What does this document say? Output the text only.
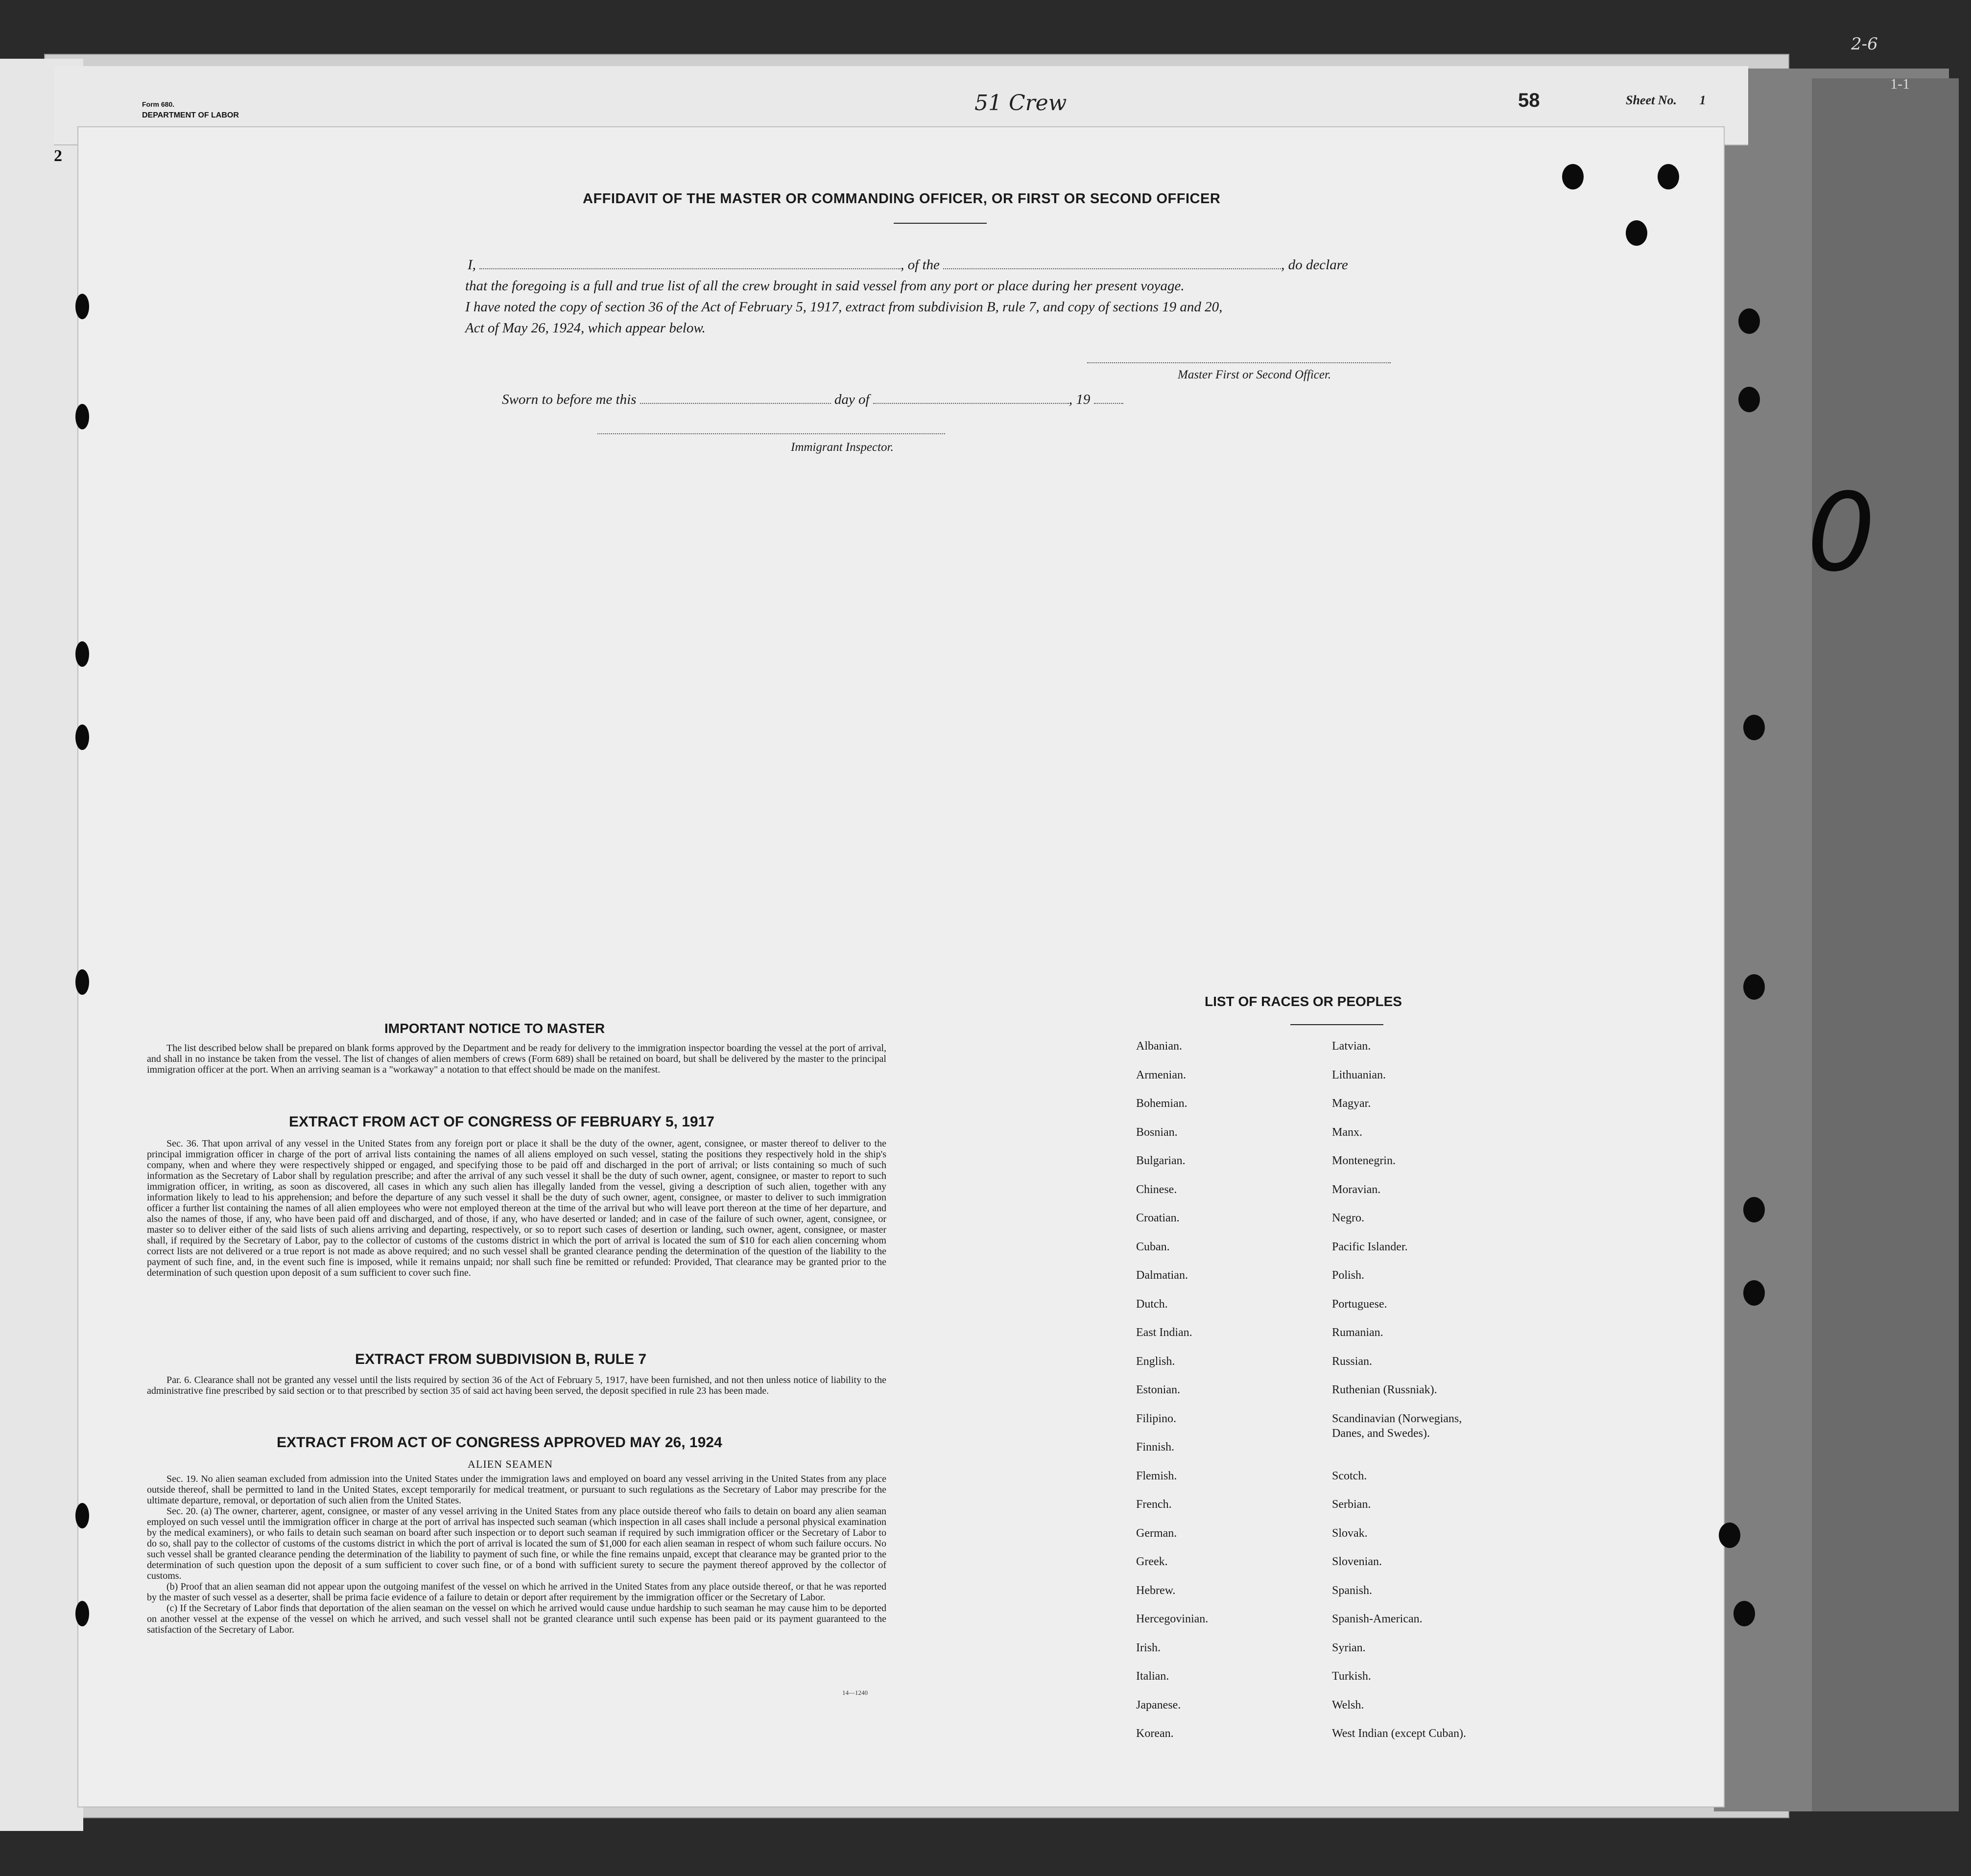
Form 680.
DEPARTMENT OF LABOR	51 Crew	58	Sheet No. 1
2-6
1-1
2
AFFIDAVIT OF THE MASTER OR COMMANDING OFFICER, OR FIRST OR SECOND OFFICER
I,	, of the	, do declare
that the foregoing is a full and true list of all the crew brought in said vessel from any port or place during her present voyage.
I have noted the copy of section 36 of the Act of February 5, 1917, extract from subdivision B, rule 7, and copy of sections 19 and 20,
Act of May 26, 1924, which appear below.
Master First or Second Officer.
Sworn to before me this	day of	, 19
Immigrant Inspector.
IMPORTANT NOTICE TO MASTER
The list described below shall be prepared on blank forms approved by the Department and be ready for delivery to the immigration inspector boarding the vessel at the port of arrival, and shall in no instance be taken from the vessel. The list of changes of alien members of crews (Form 689) shall be retained on board, but shall be delivered by the master to the principal immigration officer at the port. When an arriving seaman is a "workaway" a notation to that effect should be made on the manifest.
EXTRACT FROM ACT OF CONGRESS OF FEBRUARY 5, 1917
Sec. 36. That upon arrival of any vessel in the United States from any foreign port or place it shall be the duty of the owner, agent, consignee, or master thereof to deliver to the principal immigration officer in charge of the port of arrival lists containing the names of all aliens employed on such vessel, stating the positions they respectively hold in the ship's company, when and where they were respectively shipped or engaged, and specifying those to be paid off and discharged in the port of arrival; or lists containing so much of such information as the Secretary of Labor shall by regulation prescribe; and after the arrival of any such vessel it shall be the duty of such owner, agent, consignee, or master to report to such immigration officer, in writing, as soon as discovered, all cases in which any such alien has illegally landed from the vessel, giving a description of such alien, together with any information likely to lead to his apprehension; and before the departure of any such vessel it shall be the duty of such owner, agent, consignee, or master to deliver to such immigration officer a further list containing the names of all alien employees who were not employed thereon at the time of the arrival but who will leave port thereon at the time of her departure, and also the names of those, if any, who have been paid off and discharged, and of those, if any, who have deserted or landed; and in case of the failure of such owner, agent, consignee, or master so to deliver either of the said lists of such aliens arriving and departing, respectively, or so to report such cases of desertion or landing, such owner, agent, consignee, or master shall, if required by the Secretary of Labor, pay to the collector of customs of the customs district in which the port of arrival is located the sum of $10 for each alien concerning whom correct lists are not delivered or a true report is not made as above required; and no such vessel shall be granted clearance pending the determination of the question of the liability to the payment of such fine, and, in the event such fine is imposed, while it remains unpaid; nor shall such fine be remitted or refunded: Provided, That clearance may be granted prior to the determination of such question upon deposit of a sum sufficient to cover such fine.
EXTRACT FROM SUBDIVISION B, RULE 7
Par. 6. Clearance shall not be granted any vessel until the lists required by section 36 of the Act of February 5, 1917, have been furnished, and not then unless notice of liability to the administrative fine prescribed by said section or to that prescribed by section 35 of said act having been served, the deposit specified in rule 23 has been made.
EXTRACT FROM ACT OF CONGRESS APPROVED MAY 26, 1924
ALIEN SEAMEN
Sec. 19. No alien seaman excluded from admission into the United States under the immigration laws and employed on board any vessel arriving in the United States from any place outside thereof, shall be permitted to land in the United States, except temporarily for medical treatment, or pursuant to such regulations as the Secretary of Labor may prescribe for the ultimate departure, removal, or deportation of such alien from the United States.
Sec. 20. (a) The owner, charterer, agent, consignee, or master of any vessel arriving in the United States from any place outside thereof who fails to detain on board any alien seaman employed on such vessel until the immigration officer in charge at the port of arrival has inspected such seaman (which inspection in all cases shall include a personal physical examination by the medical examiners), or who fails to detain such seaman on board after such inspection or to deport such seaman if required by such immigration officer or the Secretary of Labor to do so, shall pay to the collector of customs of the customs district in which the port of arrival is located the sum of $1,000 for each alien seaman in respect of whom such failure occurs. No such vessel shall be granted clearance pending the determination of the liability to payment of such fine, or while the fine remains unpaid, except that clearance may be granted prior to the determination of such question upon the deposit of a sum sufficient to cover such fine, or of a bond with sufficient surety to secure the payment thereof approved by the collector of customs.
(b) Proof that an alien seaman did not appear upon the outgoing manifest of the vessel on which he arrived in the United States from any place outside thereof, or that he was reported by the master of such vessel as a deserter, shall be prima facie evidence of a failure to detain or deport after requirement by the immigration officer or the Secretary of Labor.
(c) If the Secretary of Labor finds that deportation of the alien seaman on the vessel on which he arrived would cause undue hardship to such seaman he may cause him to be deported on another vessel at the expense of the vessel on which he arrived, and such vessel shall not be granted clearance until such expense has been paid or its payment guaranteed to the satisfaction of the Secretary of Labor.
14—1240
LIST OF RACES OR PEOPLES
Albanian.
Armenian.
Bohemian.
Bosnian.
Bulgarian.
Chinese.
Croatian.
Cuban.
Dalmatian.
Dutch.
East Indian.
English.
Estonian.
Filipino.
Finnish.
Flemish.
French.
German.
Greek.
Hebrew.
Hercegovinian.
Irish.
Italian.
Japanese.
Korean.
Latvian.
Lithuanian.
Magyar.
Manx.
Montenegrin.
Moravian.
Negro.
Pacific Islander.
Polish.
Portuguese.
Rumanian.
Russian.
Ruthenian (Russniak).
Scandinavian (Norwegians, Danes, and Swedes).
Scotch.
Serbian.
Slovak.
Slovenian.
Spanish.
Spanish-American.
Syrian.
Turkish.
Welsh.
West Indian (except Cuban).
0
